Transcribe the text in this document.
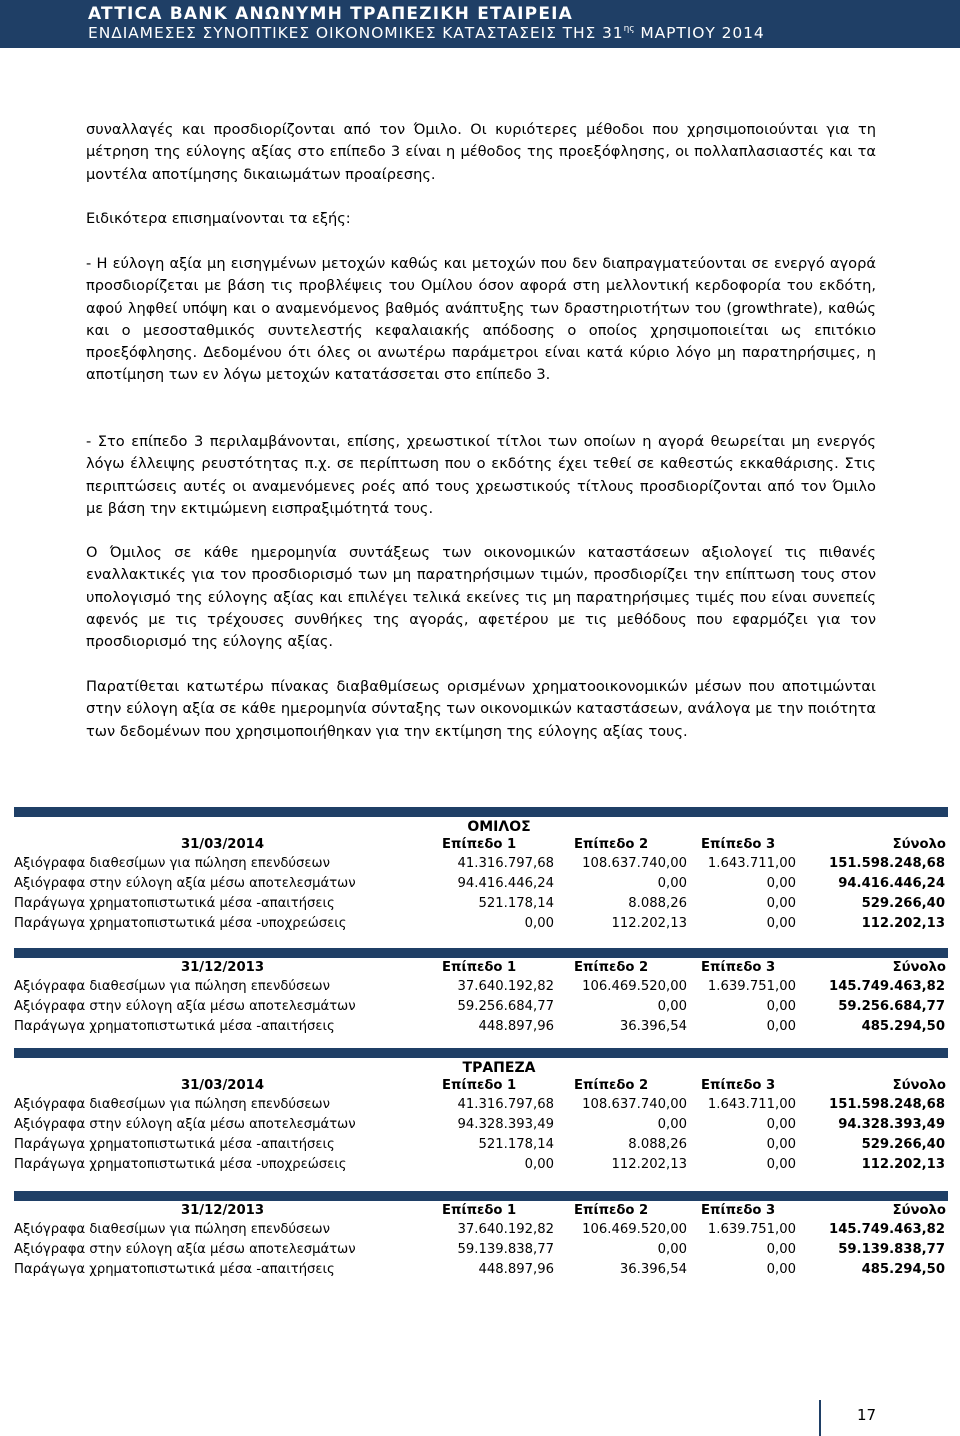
ATTICA BANK ΑΝΩΝΥΜΗ ΤΡΑΠΕΖΙΚΗ ΕΤΑΙΡΕΙΑ
ΕΝΔΙΑΜΕΣΕΣ ΣΥΝΟΠΤΙΚΕΣ ΟΙΚΟΝΟΜΙΚΕΣ ΚΑΤΑΣΤΑΣΕΙΣ ΤΗΣ $31^{\eta\varsigma}$ ΜΑΡΤΙΟΥ 2014

συναλλαγές και προσδιορίζονται από τον Όμιλο. Οι κυριότερες μέθοδοι που χρησιμοποιούνται για τη μέτρηση της εύλογης αξίας στο επίπεδο 3 είναι η μέθοδος της προεξόφλησης, οι πολλαπλασιαστές και τα μοντέλα αποτίμησης δικαιωμάτων προαίρεσης.

Ειδικότερα επισημαίνονται τα εξής:

- Η εύλογη αξία μη εισηγμένων μετοχών καθώς και μετοχών που δεν διαπραγματεύονται σε ενεργό αγορά προσδιορίζεται με βάση τις προβλέψεις του Ομίλου όσον αφορά στη μελλοντική κερδοφορία του εκδότη, αφού ληφθεί υπόψη και ο αναμενόμενος βαθμός ανάπτυξης των δραστηριοτήτων του (growthrate), καθώς και ο μεσοσταθμικός συντελεστής κεφαλαιακής απόδοσης ο οποίος χρησιμοποιείται ως επιτόκιο προεξόφλησης. Δεδομένου ότι όλες οι ανωτέρω παράμετροι είναι κατά κύριο λόγο μη παρατηρήσιμες, η αποτίμηση των εν λόγω μετοχών κατατάσσεται στο επίπεδο 3.

- Στο επίπεδο 3 περιλαμβάνονται, επίσης, χρεωστικοί τίτλοι των οποίων η αγορά θεωρείται μη ενεργός λόγω έλλειψης ρευστότητας π.χ. σε περίπτωση που ο εκδότης έχει τεθεί σε καθεστώς εκκαθάρισης. Στις περιπτώσεις αυτές οι αναμενόμενες ροές από τους χρεωστικούς τίτλους προσδιορίζονται από τον Όμιλο με βάση την εκτιμώμενη εισπραξιμότητά τους.

Ο Όμιλος σε κάθε ημερομηνία συντάξεως των οικονομικών καταστάσεων αξιολογεί τις πιθανές εναλλακτικές για τον προσδιορισμό των μη παρατηρήσιμων τιμών, προσδιορίζει την επίπτωση τους στον υπολογισμό της εύλογης αξίας και επιλέγει τελικά εκείνες τις μη παρατηρήσιμες τιμές που είναι συνεπείς αφενός με τις τρέχουσες συνθήκες της αγοράς, αφετέρου με τις μεθόδους που εφαρμόζει για τον προσδιορισμό της εύλογης αξίας.

Παρατίθεται κατωτέρω πίνακας διαβαθμίσεως ορισμένων χρηματοοικονομικών μέσων που αποτιμώνται στην εύλογη αξία σε κάθε ημερομηνία σύνταξης των οικονομικών καταστάσεων, ανάλογα με την ποιότητα των δεδομένων που χρησιμοποιήθηκαν για την εκτίμηση της εύλογης αξίας τους.

ΟΜΙΛΟΣ
31/03/2014	Επίπεδο 1	Επίπεδο 2	Επίπεδο 3	Σύνολο
Αξιόγραφα διαθεσίμων για πώληση επενδύσεων	41.316.797,68	108.637.740,00	1.643.711,00	151.598.248,68
Αξιόγραφα στην εύλογη αξία μέσω αποτελεσμάτων	94.416.446,24	0,00	0,00	94.416.446,24
Παράγωγα χρηματοπιστωτικά μέσα -απαιτήσεις	521.178,14	8.088,26	0,00	529.266,40
Παράγωγα χρηματοπιστωτικά μέσα -υποχρεώσεις	0,00	112.202,13	0,00	112.202,13
31/12/2013	Επίπεδο 1	Επίπεδο 2	Επίπεδο 3	Σύνολο
Αξιόγραφα διαθεσίμων για πώληση επενδύσεων	37.640.192,82	106.469.520,00	1.639.751,00	145.749.463,82
Αξιόγραφα στην εύλογη αξία μέσω αποτελεσμάτων	59.256.684,77	0,00	0,00	59.256.684,77
Παράγωγα χρηματοπιστωτικά μέσα -απαιτήσεις	448.897,96	36.396,54	0,00	485.294,50
ΤΡΑΠΕΖΑ
31/03/2014	Επίπεδο 1	Επίπεδο 2	Επίπεδο 3	Σύνολο
Αξιόγραφα διαθεσίμων για πώληση επενδύσεων	41.316.797,68	108.637.740,00	1.643.711,00	151.598.248,68
Αξιόγραφα στην εύλογη αξία μέσω αποτελεσμάτων	94.328.393,49	0,00	0,00	94.328.393,49
Παράγωγα χρηματοπιστωτικά μέσα -απαιτήσεις	521.178,14	8.088,26	0,00	529.266,40
Παράγωγα χρηματοπιστωτικά μέσα -υποχρεώσεις	0,00	112.202,13	0,00	112.202,13
31/12/2013	Επίπεδο 1	Επίπεδο 2	Επίπεδο 3	Σύνολο
Αξιόγραφα διαθεσίμων για πώληση επενδύσεων	37.640.192,82	106.469.520,00	1.639.751,00	145.749.463,82
Αξιόγραφα στην εύλογη αξία μέσω αποτελεσμάτων	59.139.838,77	0,00	0,00	59.139.838,77
Παράγωγα χρηματοπιστωτικά μέσα -απαιτήσεις	448.897,96	36.396,54	0,00	485.294,50
17
